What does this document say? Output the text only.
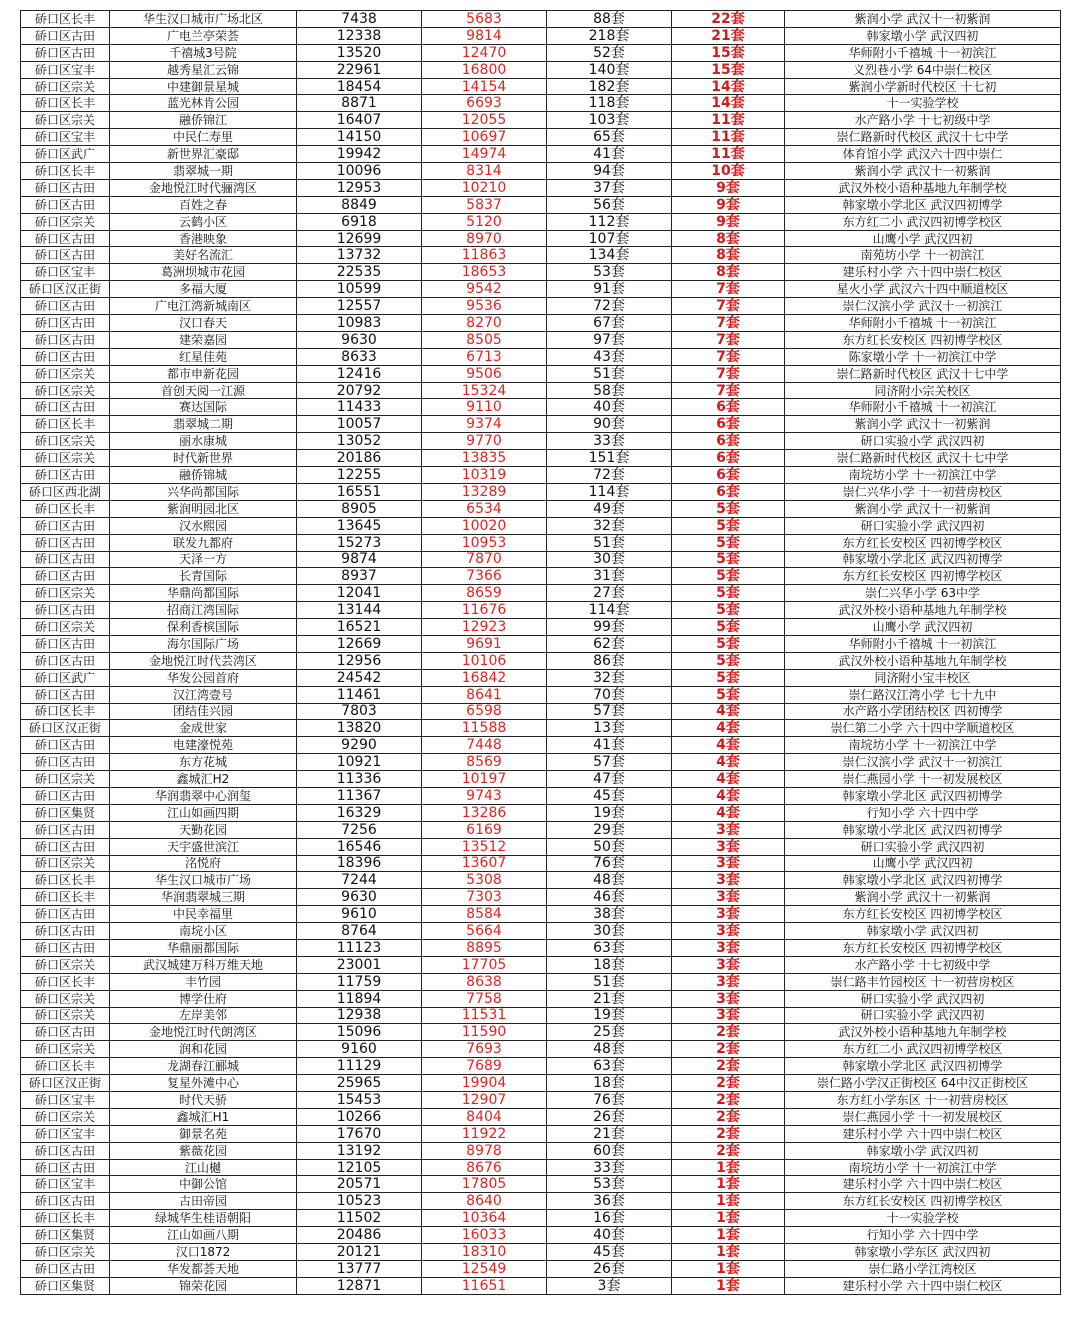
硚口区长丰	华生汉口城市广场北区	7438	5683	88套	22套	紫润小学 武汉十一初紫润
硚口区古田	广电兰亭荣荟	12338	9814	218套	21套	韩家墩小学 武汉四初
硚口区古田	千禧城3号院	13520	12470	52套	15套	华师附小千禧城 十一初滨江
硚口区宝丰	越秀星汇云锦	22961	16800	140套	15套	义烈巷小学 64中崇仁校区
硚口区宗关	中建御景星城	18454	14154	182套	14套	紫润小学新时代校区 十七初
硚口区长丰	蓝光林肯公园	8871	6693	118套	14套	十一实验学校
硚口区宗关	融侨锦江	16407	12055	103套	11套	水产路小学 十七初级中学
硚口区宝丰	中民仁寿里	14150	10697	65套	11套	崇仁路新时代校区 武汉十七中学
硚口区武广	新世界汇豪邸	19942	14974	41套	11套	体育馆小学 武汉六十四中崇仁
硚口区长丰	翡翠城一期	10096	8314	94套	10套	紫润小学 武汉十一初紫润
硚口区古田	金地悦江时代骊湾区	12953	10210	37套	9套	武汉外校小语种基地九年制学校
硚口区古田	百姓之春	8849	5837	56套	9套	韩家墩小学北区 武汉四初博学
硚口区宗关	云鹤小区	6918	5120	112套	9套	东方红二小 武汉四初博学校区
硚口区古田	香港映象	12699	8970	107套	8套	山鹰小学 武汉四初
硚口区古田	美好名流汇	13732	11863	134套	8套	南苑坊小学 十一初滨江
硚口区宝丰	葛洲坝城市花园	22535	18653	53套	8套	建乐村小学 六十四中崇仁校区
硚口区汉正街	多福大厦	10599	9542	91套	7套	星火小学 武汉六十四中顺道校区
硚口区古田	广电江湾新城南区	12557	9536	72套	7套	崇仁汉滨小学 武汉十一初滨江
硚口区古田	汉口春天	10983	8270	67套	7套	华师附小千禧城 十一初滨江
硚口区古田	建荣嘉园	9630	8505	97套	7套	东方红长安校区 四初博学校区
硚口区古田	红星佳苑	8633	6713	43套	7套	陈家墩小学 十一初滨江中学
硚口区宗关	都市申新花园	12416	9506	51套	7套	崇仁路新时代校区 武汉十七中学
硚口区宗关	首创天阅一江源	20792	15324	58套	7套	同济附小宗关校区
硚口区古田	赛达国际	11433	9110	40套	6套	华师附小千禧城 十一初滨江
硚口区长丰	翡翠城二期	10057	9374	90套	6套	紫润小学 武汉十一初紫润
硚口区宗关	丽水康城	13052	9770	33套	6套	研口实验小学 武汉四初
硚口区宗关	时代新世界	20186	13835	151套	6套	崇仁路新时代校区 武汉十七中学
硚口区古田	融侨锦城	12255	10319	72套	6套	南垸坊小学 十一初滨江中学
硚口区西北湖	兴华尚都国际	16551	13289	114套	6套	崇仁兴华小学 十一初营房校区
硚口区长丰	紫润明园北区	8905	6534	49套	5套	紫润小学 武汉十一初紫润
硚口区古田	汉水熙园	13645	10020	32套	5套	研口实验小学 武汉四初
硚口区古田	联发九都府	15273	10953	51套	5套	东方红长安校区 四初博学校区
硚口区古田	天泽一方	9874	7870	30套	5套	韩家墩小学北区 武汉四初博学
硚口区古田	长青国际	8937	7366	31套	5套	东方红长安校区 四初博学校区
硚口区宗关	华鼎尚都国际	12041	8659	27套	5套	崇仁兴华小学 63中学
硚口区古田	招商江湾国际	13144	11676	114套	5套	武汉外校小语种基地九年制学校
硚口区宗关	保利香槟国际	16521	12923	99套	5套	山鹰小学 武汉四初
硚口区古田	海尔国际广场	12669	9691	62套	5套	华师附小千禧城 十一初滨江
硚口区古田	金地悦江时代芸湾区	12956	10106	86套	5套	武汉外校小语种基地九年制学校
硚口区武广	华发公园首府	24542	16842	32套	5套	同济附小宝丰校区
硚口区古田	汉江湾壹号	11461	8641	70套	5套	崇仁路汉江湾小学 七十九中
硚口区长丰	团结佳兴园	7803	6598	57套	4套	水产路小学团结校区 四初博学
硚口区汉正街	金成世家	13820	11588	13套	4套	崇仁第二小学 六十四中学顺道校区
硚口区古田	电建濠悦苑	9290	7448	41套	4套	南垸坊小学 十一初滨江中学
硚口区古田	东方花城	10921	8569	57套	4套	崇仁汉滨小学 武汉十一初滨江
硚口区宗关	鑫城汇H2	11336	10197	47套	4套	崇仁燕园小学 十一初发展校区
硚口区古田	华润翡翠中心润玺	11367	9743	45套	4套	韩家墩小学北区 武汉四初博学
硚口区集贤	江山如画四期	16329	13286	19套	4套	行知小学 六十四中学
硚口区古田	天勤花园	7256	6169	29套	3套	韩家墩小学北区 武汉四初博学
硚口区古田	天宇盛世滨江	16546	13512	50套	3套	研口实验小学 武汉四初
硚口区宗关	洺悦府	18396	13607	76套	3套	山鹰小学 武汉四初
硚口区长丰	华生汉口城市广场	7244	5308	48套	3套	韩家墩小学北区 武汉四初博学
硚口区长丰	华润翡翠城三期	9630	7303	46套	3套	紫润小学 武汉十一初紫润
硚口区古田	中民幸福里	9610	8584	38套	3套	东方红长安校区 四初博学校区
硚口区古田	南垸小区	8764	5664	30套	3套	韩家墩小学 武汉四初
硚口区古田	华鼎丽都国际	11123	8895	63套	3套	东方红长安校区 四初博学校区
硚口区宗关	武汉城建万科万维天地	23001	17705	18套	3套	水产路小学 十七初级中学
硚口区长丰	丰竹园	11759	8638	51套	3套	崇仁路丰竹园校区 十一初营房校区
硚口区宗关	博学仕府	11894	7758	21套	3套	研口实验小学 武汉四初
硚口区宗关	左岸美邻	12938	11531	19套	3套	研口实验小学 武汉四初
硚口区古田	金地悦江时代朗湾区	15096	11590	25套	2套	武汉外校小语种基地九年制学校
硚口区宗关	润和花园	9160	7693	48套	2套	东方红二小 武汉四初博学校区
硚口区长丰	龙湖春江郦城	11129	7689	63套	2套	韩家墩小学北区 武汉四初博学
硚口区汉正街	复星外滩中心	25965	19904	18套	2套	崇仁路小学汉正街校区 64中汉正街校区
硚口区宝丰	时代天骄	15453	12907	76套	2套	东方红小学东区 十一初营房校区
硚口区宗关	鑫城汇H1	10266	8404	26套	2套	崇仁燕园小学 十一初发展校区
硚口区宝丰	御景名苑	17670	11922	21套	2套	建乐村小学 六十四中崇仁校区
硚口区古田	紫薇花园	13192	8978	60套	2套	韩家墩小学 武汉四初
硚口区古田	江山樾	12105	8676	33套	1套	南垸坊小学 十一初滨江中学
硚口区宝丰	中御公馆	20571	17805	53套	1套	建乐村小学 六十四中崇仁校区
硚口区古田	古田帝园	10523	8640	36套	1套	东方红长安校区 四初博学校区
硚口区长丰	绿城华生桂语朝阳	11502	10364	16套	1套	十一实验学校
硚口区集贤	江山如画八期	20486	16033	40套	1套	行知小学 六十四中学
硚口区宗关	汉口1872	20121	18310	45套	1套	韩家墩小学东区 武汉四初
硚口区古田	华发都荟天地	13777	12549	26套	1套	崇仁路小学江湾校区
硚口区集贤	锦荣花园	12871	11651	3套	1套	建乐村小学 六十四中崇仁校区
